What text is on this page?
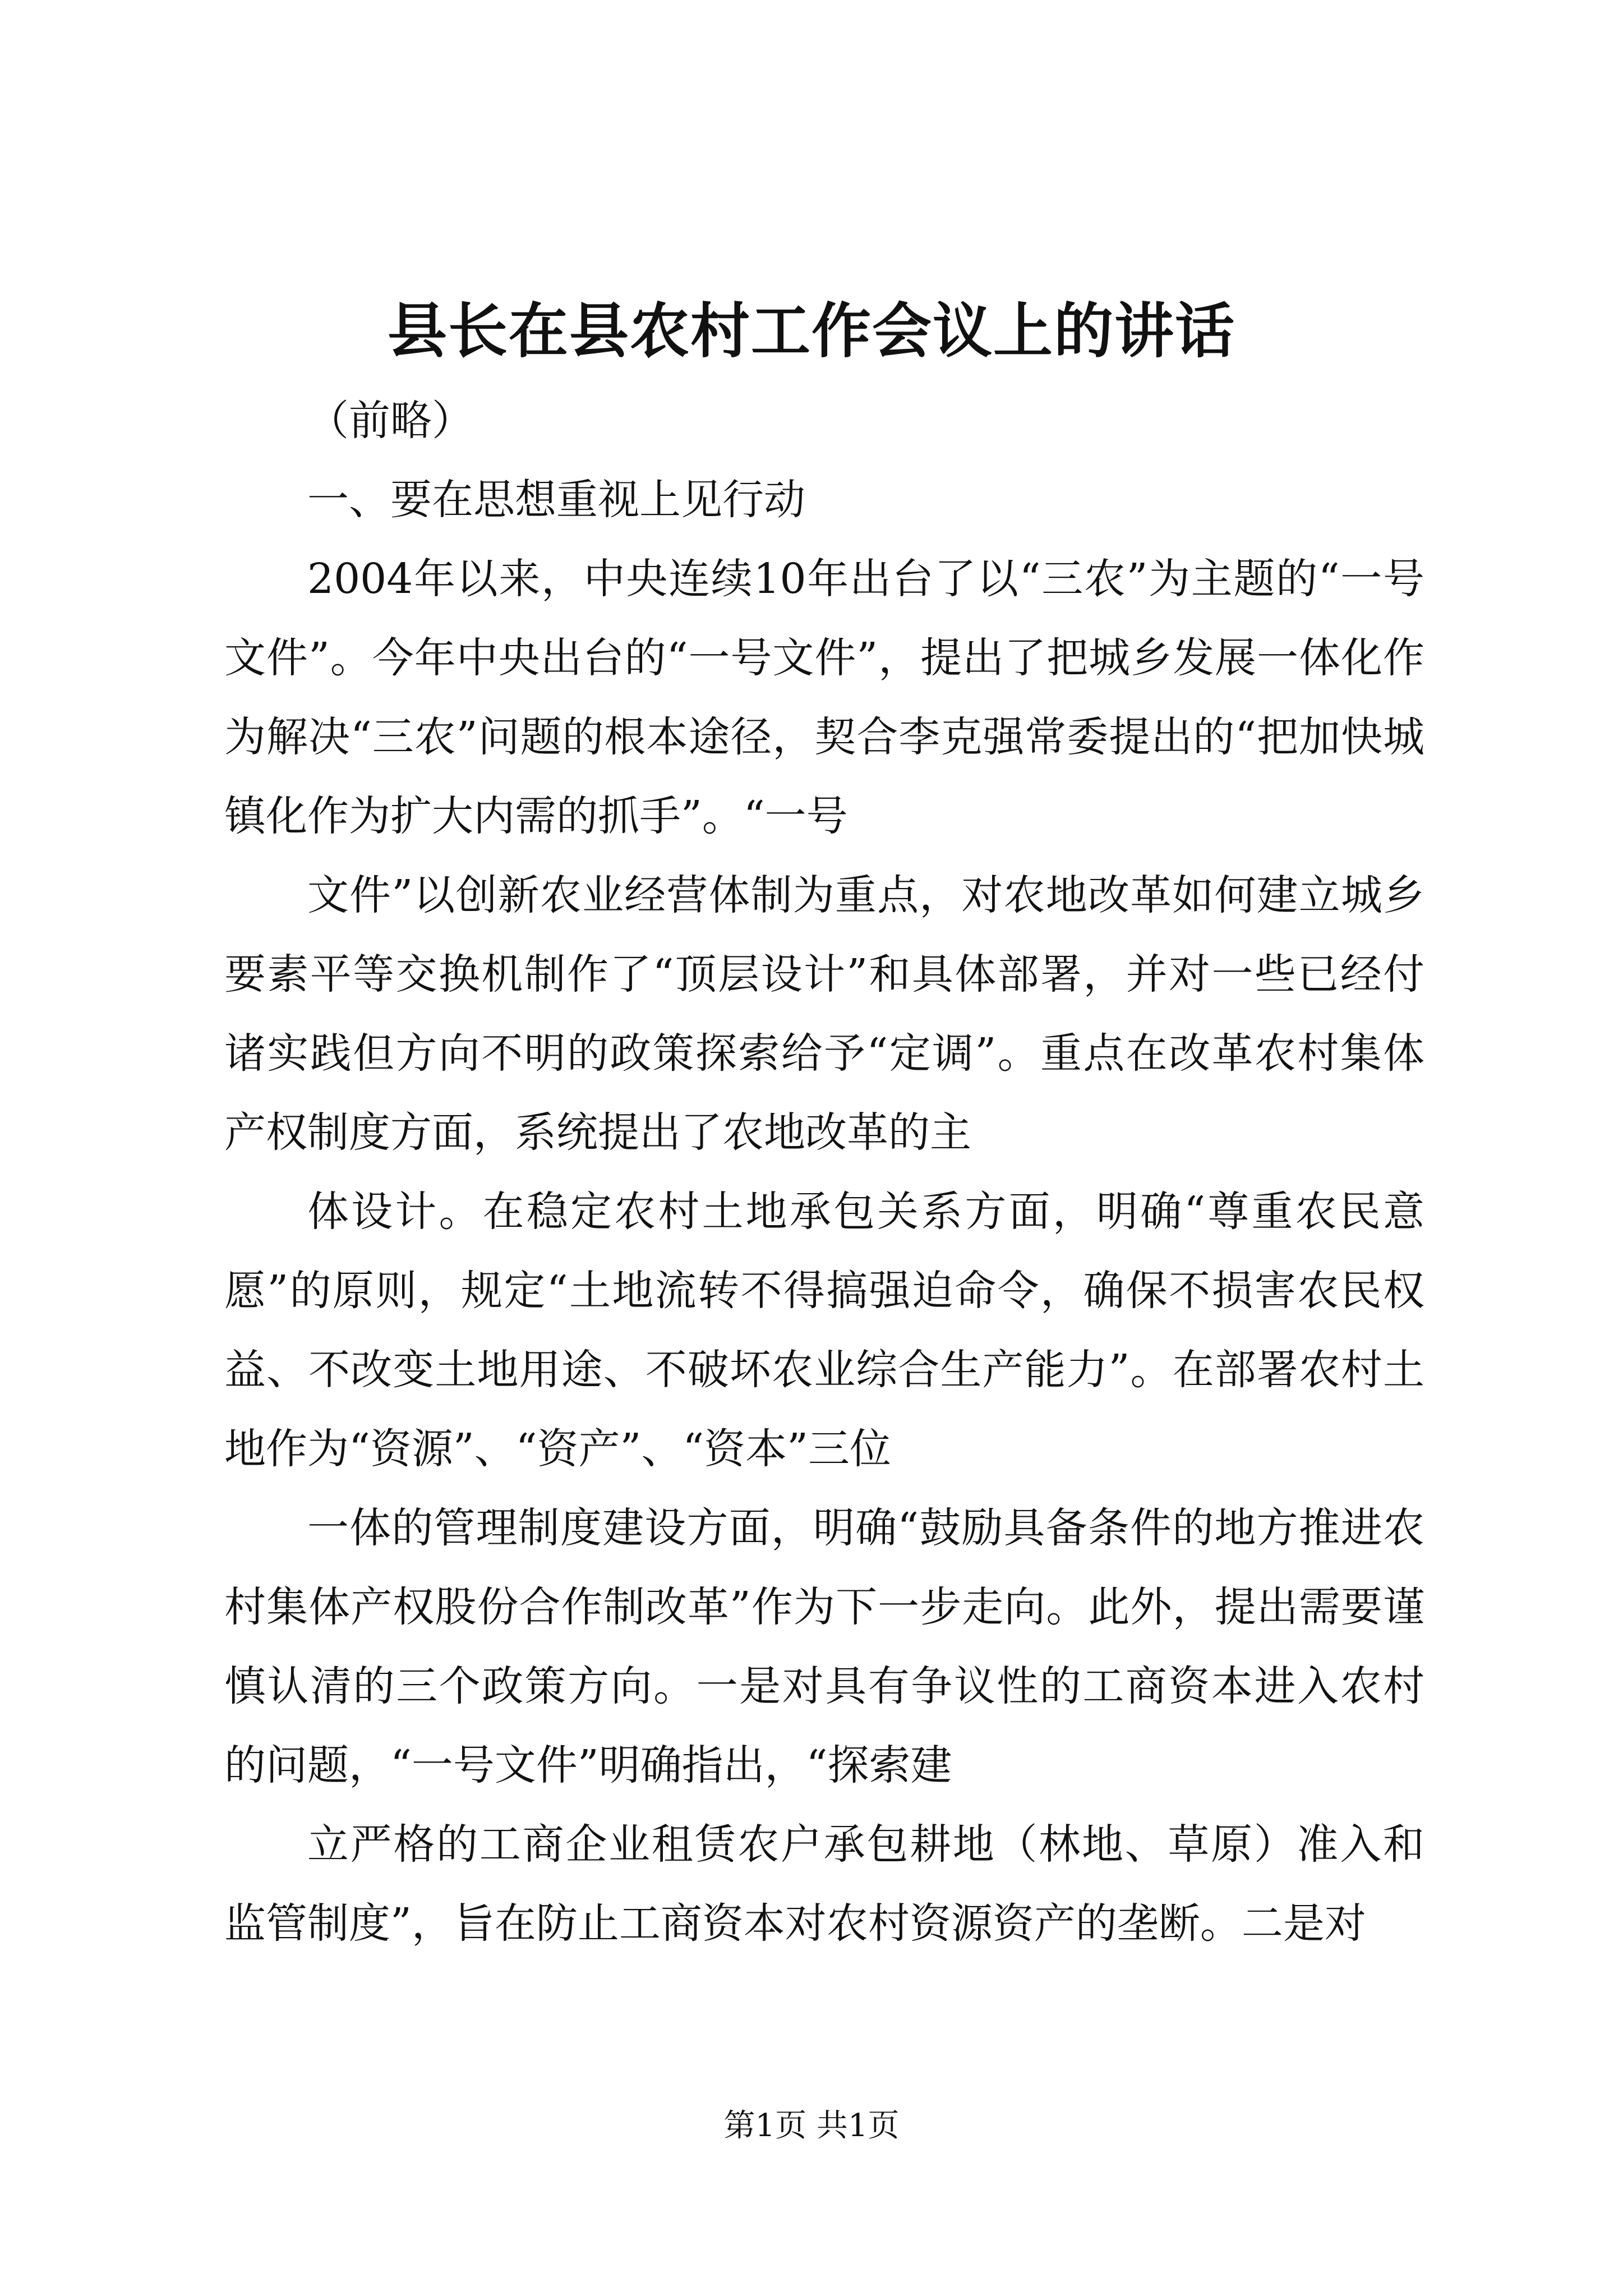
县长在县农村工作会议上的讲话

（前略）

一、要在思想重视上见行动

2004年以来，中央连续10年出台了以“三农”为主题的“一号文件”。今年中央出台的“一号文件”，提出了把城乡发展一体化作为解决“三农”问题的根本途径，契合李克强常委提出的“把加快城镇化作为扩大内需的抓手”。“一号

文件”以创新农业经营体制为重点，对农地改革如何建立城乡要素平等交换机制作了“顶层设计”和具体部署，并对一些已经付诸实践但方向不明的政策探索给予“定调”。重点在改革农村集体产权制度方面，系统提出了农地改革的主

体设计。在稳定农村土地承包关系方面，明确“尊重农民意愿”的原则，规定“土地流转不得搞强迫命令，确保不损害农民权益、不改变土地用途、不破坏农业综合生产能力”。在部署农村土地作为“资源”、“资产”、“资本”三位

一体的管理制度建设方面，明确“鼓励具备条件的地方推进农村集体产权股份合作制改革”作为下一步走向。此外，提出需要谨慎认清的三个政策方向。一是对具有争议性的工商资本进入农村的问题，“一号文件”明确指出，“探索建

立严格的工商企业租赁农户承包耕地（林地、草原）准入和监管制度”，旨在防止工商资本对农村资源资产的垄断。二是对

第1页 共1页
